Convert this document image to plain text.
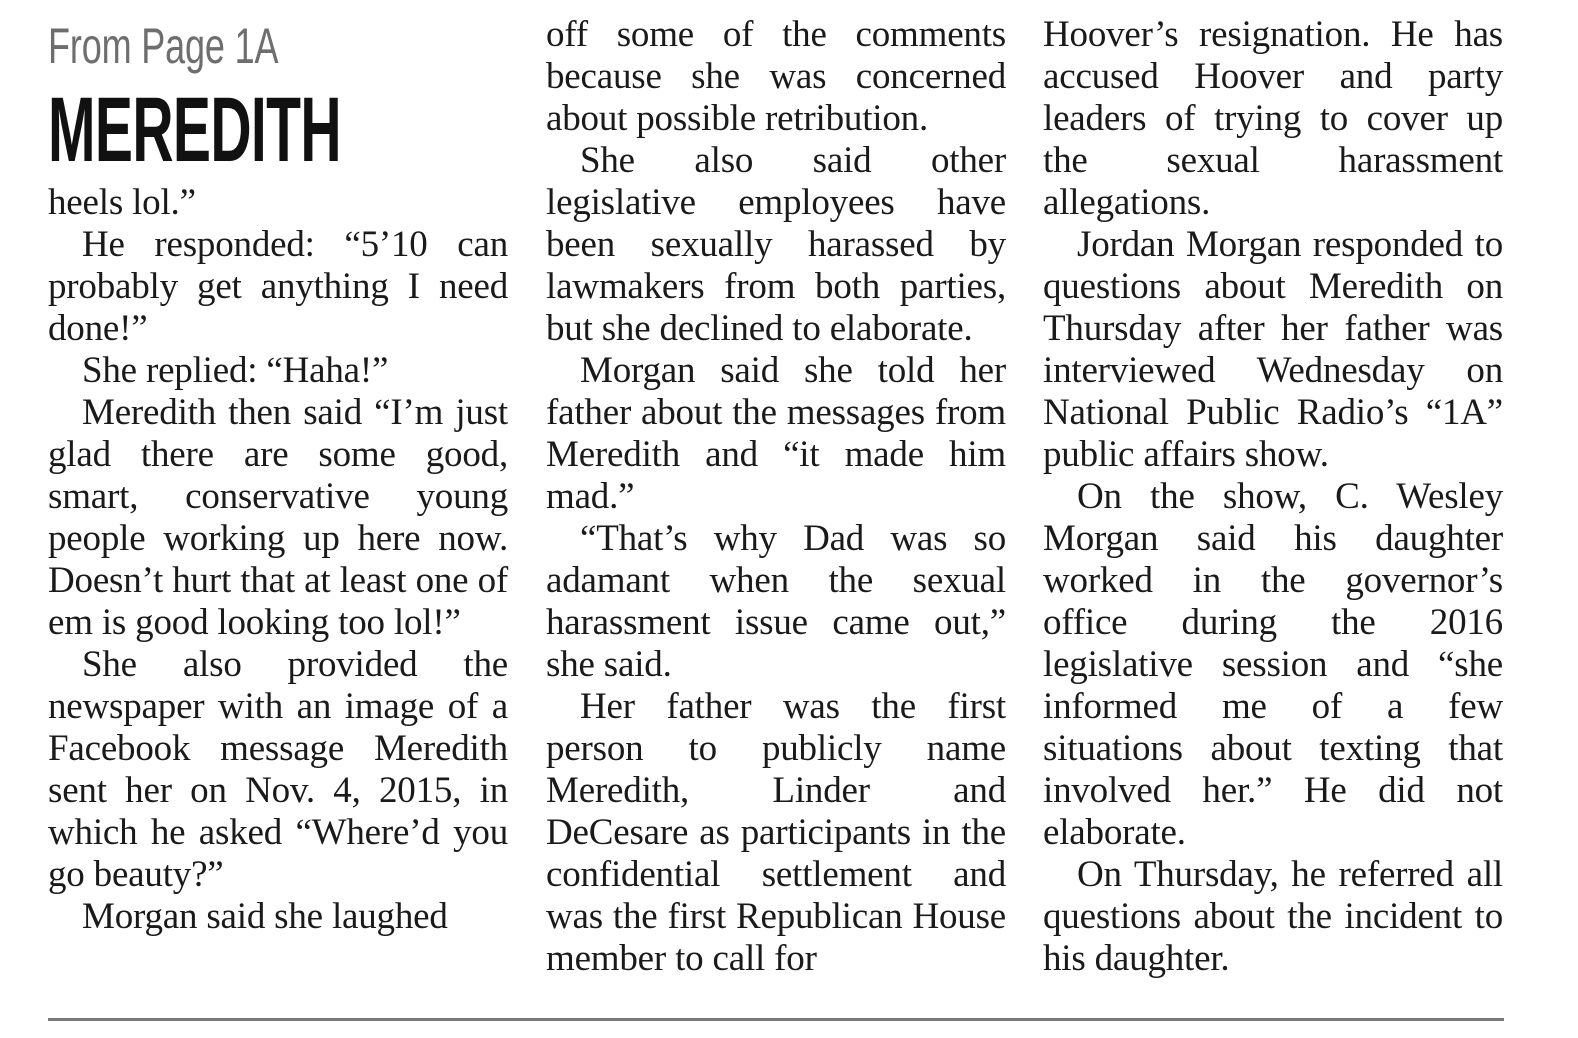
From Page 1A
MEREDITH

heels lol.”

He responded: “5’10 can probably get anything I need done!”

She replied: “Haha!”

Meredith then said “I’m just glad there are some good, smart, conservative young people working up here now. Doesn’t hurt that at least one of em is good looking too lol!”

She also provided the newspaper with an image of a Facebook message Meredith sent her on Nov. 4, 2015, in which he asked “Where’d you go beauty?”

Morgan said she laughed

off some of the comments because she was concerned about possible retribution.

She also said other legislative employees have been sexually harassed by lawmakers from both parties, but she declined to elaborate.

Morgan said she told her father about the messages from Meredith and “it made him mad.”

“That’s why Dad was so adamant when the sexual harassment issue came out,” she said.

Her father was the first person to publicly name Meredith, Linder and DeCesare as participants in the confidential settlement and was the first Republican House member to call for

Hoover’s resignation. He has accused Hoover and party leaders of trying to cover up the sexual harassment allegations.

Jordan Morgan responded to questions about Meredith on Thursday after her father was interviewed Wednesday on National Public Radio’s “1A” public affairs show.

On the show, C. Wesley Morgan said his daughter worked in the governor’s office during the 2016 legislative session and “she informed me of a few situations about texting that involved her.” He did not elaborate.

On Thursday, he referred all questions about the incident to his daughter.
